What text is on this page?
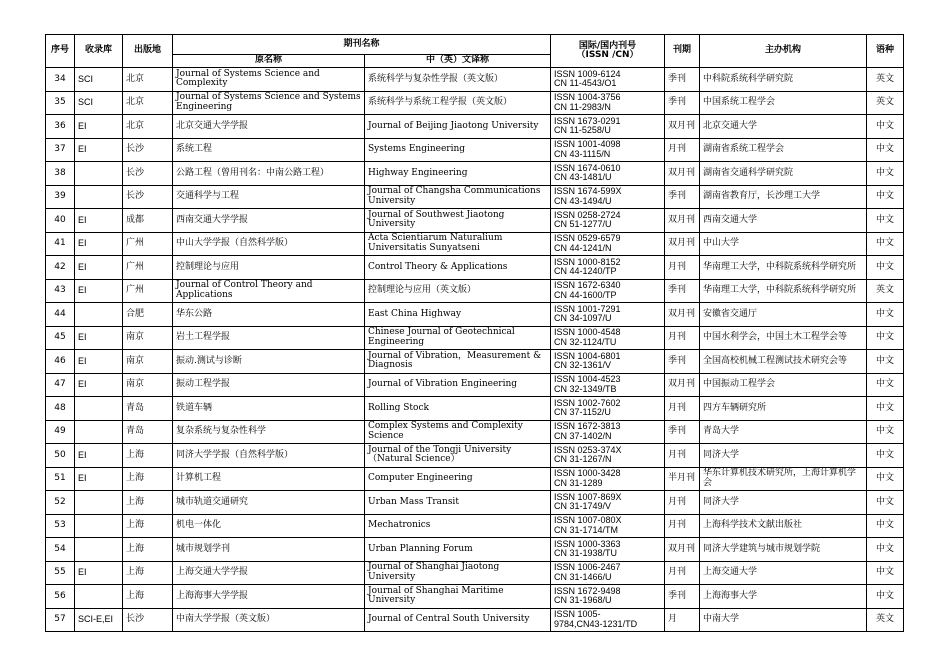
序号	收录库	出版地	期刊名称		国际/国内刊号
（ISSN /CN）	刊期	主办机构	语种
			原名称	中（英）文译称				
34	SCI	北京	Journal of Systems Science and Complexity	系统科学与复杂性学报（英文版）	ISSN 1009-6124
CN 11-4543/O1	季刊	中科院系统科学研究院	英文
35	SCI	北京	Journal of Systems Science and Systems Engineering	系统科学与系统工程学报（英文版）	ISSN 1004-3756
CN 11-2983/N	季刊	中国系统工程学会	英文
36	EI	北京	北京交通大学学报	Journal of Beijing Jiaotong University	ISSN 1673-0291
CN 11-5258/U	双月刊	北京交通大学	中文
37	EI	长沙	系统工程	Systems Engineering	ISSN 1001-4098
CN 43-1115/N	月刊	湖南省系统工程学会	中文
38		长沙	公路工程（曾用刊名：中南公路工程）	Highway Engineering	ISSN 1674-0610
CN 43-1481/U	双月刊	湖南省交通科学研究院	中文
39		长沙	交通科学与工程	Journal of Changsha Communications University	ISSN 1674-599X
CN 43-1494/U	季刊	湖南省教育厅，长沙理工大学	中文
40	EI	成都	西南交通大学学报	Journal of Southwest Jiaotong University	ISSN 0258-2724
CN 51-1277/U	双月刊	西南交通大学	中文
41	EI	广州	中山大学学报（自然科学版）	Acta Scientiarum Naturalium Universitatis Sunyatseni	ISSN 0529-6579
CN 44-1241/N	双月刊	中山大学	中文
42	EI	广州	控制理论与应用	Control Theory & Applications	ISSN 1000-8152
CN 44-1240/TP	月刊	华南理工大学，中科院系统科学研究所	中文
43	EI	广州	Journal of Control Theory and Applications	控制理论与应用（英文版）	ISSN 1672-6340
CN 44-1600/TP	季刊	华南理工大学，中科院系统科学研究所	英文
44		合肥	华东公路	East China Highway	ISSN 1001-7291
CN 34-1097/U	双月刊	安徽省交通厅	中文
45	EI	南京	岩土工程学报	Chinese Journal of Geotechnical Engineering	ISSN 1000-4548
CN 32-1124/TU	月刊	中国水利学会，中国土木工程学会等	中文
46	EI	南京	振动.测试与诊断	Journal of Vibration，Measurement & Diagnosis	ISSN 1004-6801
CN 32-1361/V	季刊	全国高校机械工程测试技术研究会等	中文
47	EI	南京	振动工程学报	Journal of Vibration Engineering	ISSN 1004-4523
CN 32-1349/TB	双月刊	中国振动工程学会	中文
48		青岛	铁道车辆	Rolling Stock	ISSN 1002-7602
CN 37-1152/U	月刊	四方车辆研究所	中文
49		青岛	复杂系统与复杂性科学	Complex Systems and Complexity Science	ISSN 1672-3813
CN 37-1402/N	季刊	青岛大学	中文
50	EI	上海	同济大学学报（自然科学版）	Journal of the Tongji University （Natural Science）	ISSN 0253-374X
CN 31-1267/N	月刊	同济大学	中文
51	EI	上海	计算机工程	Computer Engineering	ISSN 1000-3428
CN 31-1289	半月刊	华东计算机技术研究所，上海计算机学会	中文
52		上海	城市轨道交通研究	Urban Mass Transit	ISSN 1007-869X
CN 31-1749/V	月刊	同济大学	中文
53		上海	机电一体化	Mechatronics	ISSN 1007-080X
CN 31-1714/TM	月刊	上海科学技术文献出版社	中文
54		上海	城市规划学刊	Urban Planning Forum	ISSN 1000-3363
CN 31-1938/TU	双月刊	同济大学建筑与城市规划学院	中文
55	EI	上海	上海交通大学学报	Journal of Shanghai Jiaotong University	ISSN 1006-2467
CN 31-1466/U	月刊	上海交通大学	中文
56		上海	上海海事大学学报	Journal of Shanghai Maritime University	ISSN 1672-9498
CN 31-1968/U	季刊	上海海事大学	中文
57	SCI-E,EI	长沙	中南大学学报（英文版）	Journal of Central South University	ISSN 1005-
9784,CN43-1231/TD	月	中南大学	英文
